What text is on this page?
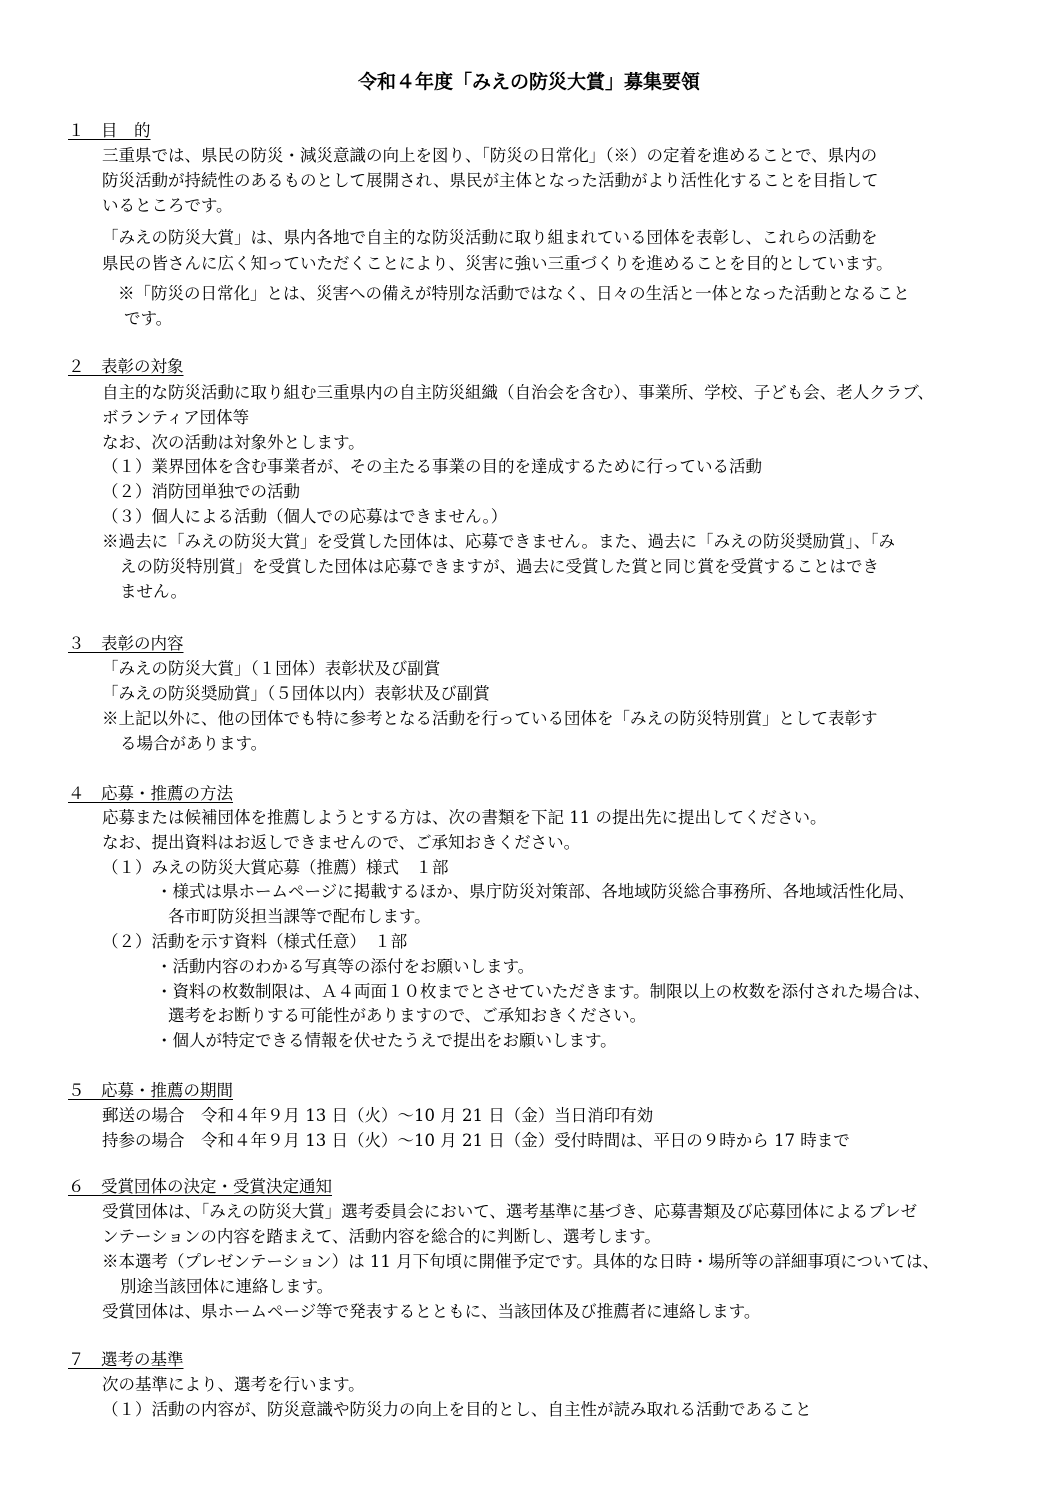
令和４年度「みえの防災大賞」募集要領
１　目　的
三重県では、県民の防災・減災意識の向上を図り、「防災の日常化」（※）の定着を進めることで、県内の
防災活動が持続性のあるものとして展開され、県民が主体となった活動がより活性化することを目指して
いるところです。
「みえの防災大賞」は、県内各地で自主的な防災活動に取り組まれている団体を表彰し、これらの活動を
県民の皆さんに広く知っていただくことにより、災害に強い三重づくりを進めることを目的としています。
※「防災の日常化」とは、災害への備えが特別な活動ではなく、日々の生活と一体となった活動となること
です。
２　表彰の対象
自主的な防災活動に取り組む三重県内の自主防災組織（自治会を含む）、事業所、学校、子ども会、老人クラブ、
ボランティア団体等
なお、次の活動は対象外とします。
（１）業界団体を含む事業者が、その主たる事業の目的を達成するために行っている活動
（２）消防団単独での活動
（３）個人による活動（個人での応募はできません。）
※過去に「みえの防災大賞」を受賞した団体は、応募できません。また、過去に「みえの防災奨励賞」、「み
えの防災特別賞」を受賞した団体は応募できますが、過去に受賞した賞と同じ賞を受賞することはでき
ません。
３　表彰の内容
「みえの防災大賞」（１団体）表彰状及び副賞
「みえの防災奨励賞」（５団体以内）表彰状及び副賞
※上記以外に、他の団体でも特に参考となる活動を行っている団体を「みえの防災特別賞」として表彰す
る場合があります。
４　応募・推薦の方法
応募または候補団体を推薦しようとする方は、次の書類を下記 11 の提出先に提出してください。
なお、提出資料はお返しできませんので、ご承知おきください。
（１）みえの防災大賞応募（推薦）様式　１部
・様式は県ホームページに掲載するほか、県庁防災対策部、各地域防災総合事務所、各地域活性化局、
各市町防災担当課等で配布します。
（２）活動を示す資料（様式任意）　１部
・活動内容のわかる写真等の添付をお願いします。
・資料の枚数制限は、Ａ４両面１０枚までとさせていただきます。制限以上の枚数を添付された場合は、
選考をお断りする可能性がありますので、ご承知おきください。
・個人が特定できる情報を伏せたうえで提出をお願いします。
５　応募・推薦の期間
郵送の場合　令和４年９月 13 日（火）～10 月 21 日（金）当日消印有効
持参の場合　令和４年９月 13 日（火）～10 月 21 日（金）受付時間は、平日の９時から 17 時まで
６　受賞団体の決定・受賞決定通知
受賞団体は、「みえの防災大賞」選考委員会において、選考基準に基づき、応募書類及び応募団体によるプレゼ
ンテーションの内容を踏まえて、活動内容を総合的に判断し、選考します。
※本選考（プレゼンテーション）は 11 月下旬頃に開催予定です。具体的な日時・場所等の詳細事項については、
別途当該団体に連絡します。
受賞団体は、県ホームページ等で発表するとともに、当該団体及び推薦者に連絡します。
７　選考の基準
次の基準により、選考を行います。
（１）活動の内容が、防災意識や防災力の向上を目的とし、自主性が読み取れる活動であること
